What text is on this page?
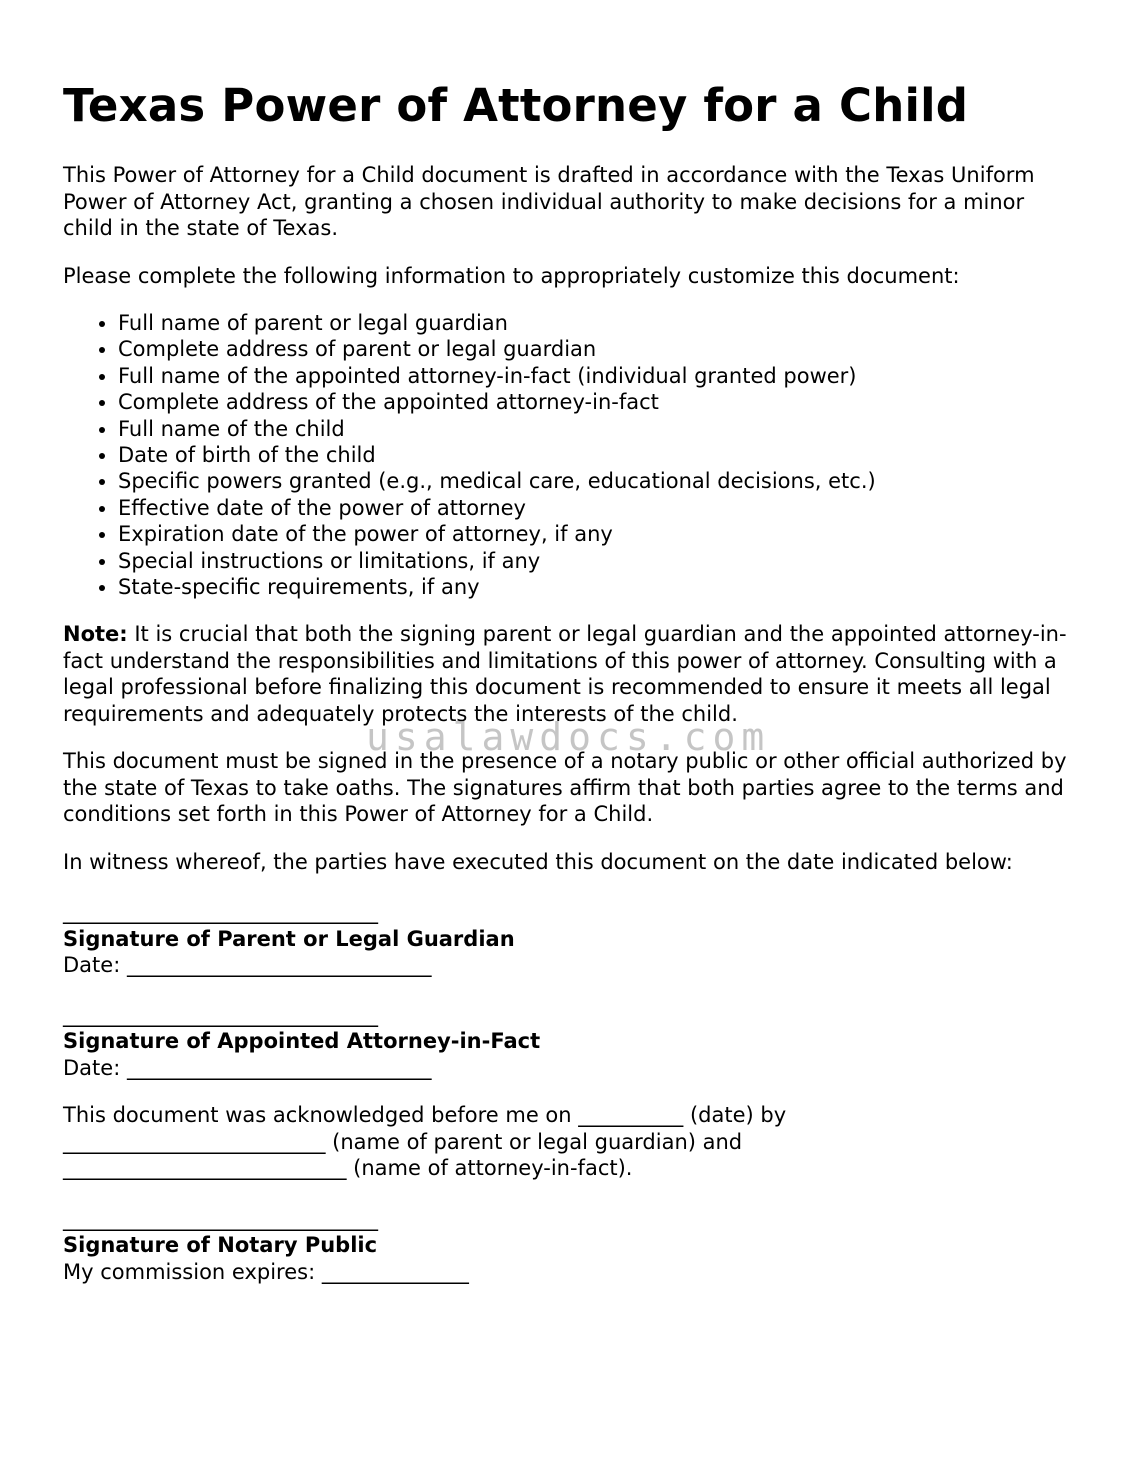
Texas Power of Attorney for a Child

This Power of Attorney for a Child document is drafted in accordance with the Texas Uniform Power of Attorney Act, granting a chosen individual authority to make decisions for a minor child in the state of Texas.

Please complete the following information to appropriately customize this document:

• Full name of parent or legal guardian
• Complete address of parent or legal guardian
• Full name of the appointed attorney-in-fact (individual granted power)
• Complete address of the appointed attorney-in-fact
• Full name of the child
• Date of birth of the child
• Specific powers granted (e.g., medical care, educational decisions, etc.)
• Effective date of the power of attorney
• Expiration date of the power of attorney, if any
• Special instructions or limitations, if any
• State-specific requirements, if any

Note: It is crucial that both the signing parent or legal guardian and the appointed attorney-in-fact understand the responsibilities and limitations of this power of attorney. Consulting with a legal professional before finalizing this document is recommended to ensure it meets all legal requirements and adequately protects the interests of the child.

This document must be signed in the presence of a notary public or other official authorized by the state of Texas to take oaths. The signatures affirm that both parties agree to the terms and conditions set forth in this Power of Attorney for a Child.

In witness whereof, the parties have executed this document on the date indicated below:

______________________________
Signature of Parent or Legal Guardian
Date: _____________________________
______________________________
Signature of Appointed Attorney-in-Fact
Date: _____________________________
This document was acknowledged before me on __________ (date) by
_________________________ (name of parent or legal guardian) and
___________________________ (name of attorney-in-fact).
______________________________
Signature of Notary Public
My commission expires: ______________
usalawdocs.com
